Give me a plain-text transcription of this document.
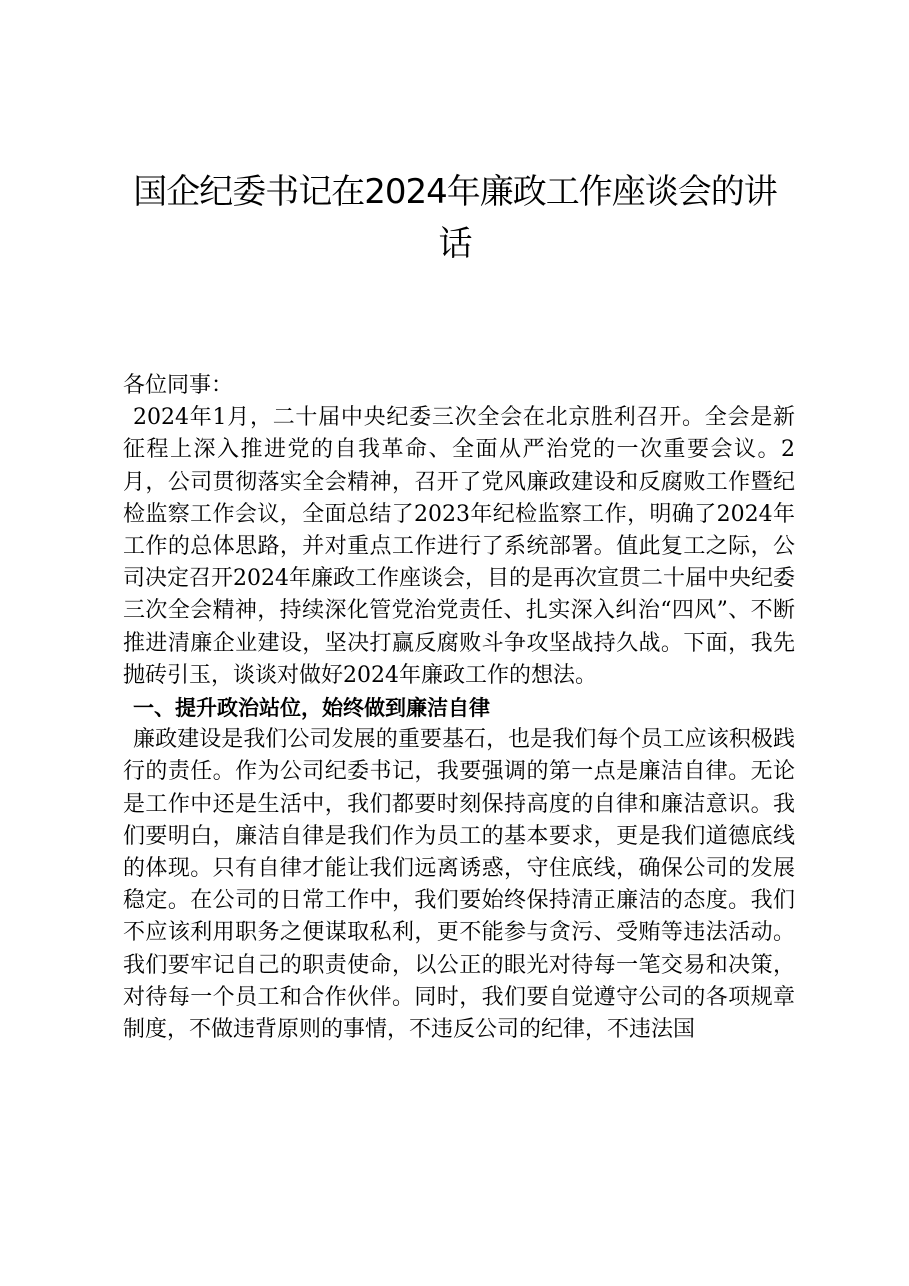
国企纪委书记在2024年廉政工作座谈会的讲话

各位同事：

2024年1月，二十届中央纪委三次全会在北京胜利召开。全会是新征程上深入推进党的自我革命、全面从严治党的一次重要会议。2月，公司贯彻落实全会精神，召开了党风廉政建设和反腐败工作暨纪检监察工作会议，全面总结了2023年纪检监察工作，明确了2024年工作的总体思路，并对重点工作进行了系统部署。值此复工之际，公司决定召开2024年廉政工作座谈会，目的是再次宣贯二十届中央纪委三次全会精神，持续深化管党治党责任、扎实深入纠治“四风”、不断推进清廉企业建设，坚决打赢反腐败斗争攻坚战持久战。下面，我先抛砖引玉，谈谈对做好2024年廉政工作的想法。

一、提升政治站位，始终做到廉洁自律

廉政建设是我们公司发展的重要基石，也是我们每个员工应该积极践行的责任。作为公司纪委书记，我要强调的第一点是廉洁自律。无论是工作中还是生活中，我们都要时刻保持高度的自律和廉洁意识。我们要明白，廉洁自律是我们作为员工的基本要求，更是我们道德底线的体现。只有自律才能让我们远离诱惑，守住底线，确保公司的发展稳定。在公司的日常工作中，我们要始终保持清正廉洁的态度。我们不应该利用职务之便谋取私利，更不能参与贪污、受贿等违法活动。我们要牢记自己的职责使命，以公正的眼光对待每一笔交易和决策，对待每一个员工和合作伙伴。同时，我们要自觉遵守公司的各项规章制度，不做违背原则的事情，不违反公司的纪律，不违法国
